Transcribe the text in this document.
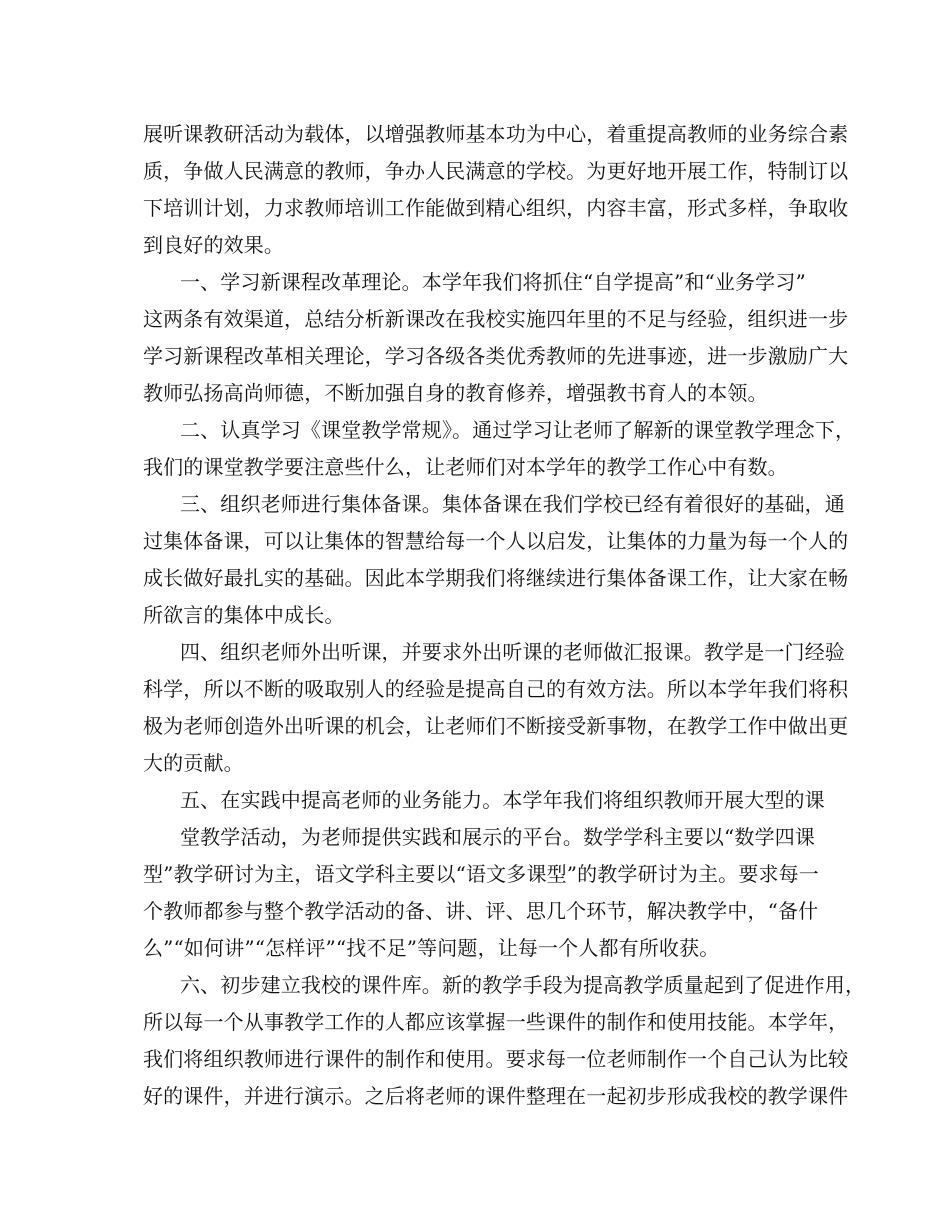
展听课教研活动为载体，以增强教师基本功为中心，着重提高教师的业务综合素
质，争做人民满意的教师，争办人民满意的学校。为更好地开展工作，特制订以
下培训计划，力求教师培训工作能做到精心组织，内容丰富，形式多样，争取收
到良好的效果。
一、学习新课程改革理论。本学年我们将抓住“自学提高”和“业务学习”
这两条有效渠道，总结分析新课改在我校实施四年里的不足与经验，组织进一步
学习新课程改革相关理论，学习各级各类优秀教师的先进事迹，进一步激励广大
教师弘扬高尚师德，不断加强自身的教育修养，增强教书育人的本领。
二、认真学习《课堂教学常规》。通过学习让老师了解新的课堂教学理念下，
我们的课堂教学要注意些什么，让老师们对本学年的教学工作心中有数。
三、组织老师进行集体备课。集体备课在我们学校已经有着很好的基础，通
过集体备课，可以让集体的智慧给每一个人以启发，让集体的力量为每一个人的
成长做好最扎实的基础。因此本学期我们将继续进行集体备课工作，让大家在畅
所欲言的集体中成长。
四、组织老师外出听课，并要求外出听课的老师做汇报课。教学是一门经验
科学，所以不断的吸取别人的经验是提高自己的有效方法。所以本学年我们将积
极为老师创造外出听课的机会，让老师们不断接受新事物，在教学工作中做出更
大的贡献。
五、在实践中提高老师的业务能力。本学年我们将组织教师开展大型的课
堂教学活动，为老师提供实践和展示的平台。数学学科主要以“数学四课
型”教学研讨为主，语文学科主要以“语文多课型”的教学研讨为主。要求每一
个教师都参与整个教学活动的备、讲、评、思几个环节，解决教学中，“备什
么”“如何讲”“怎样评”“找不足”等问题，让每一个人都有所收获。
六、初步建立我校的课件库。新的教学手段为提高教学质量起到了促进作用，
所以每一个从事教学工作的人都应该掌握一些课件的制作和使用技能。本学年，
我们将组织教师进行课件的制作和使用。要求每一位老师制作一个自己认为比较
好的课件，并进行演示。之后将老师的课件整理在一起初步形成我校的教学课件
